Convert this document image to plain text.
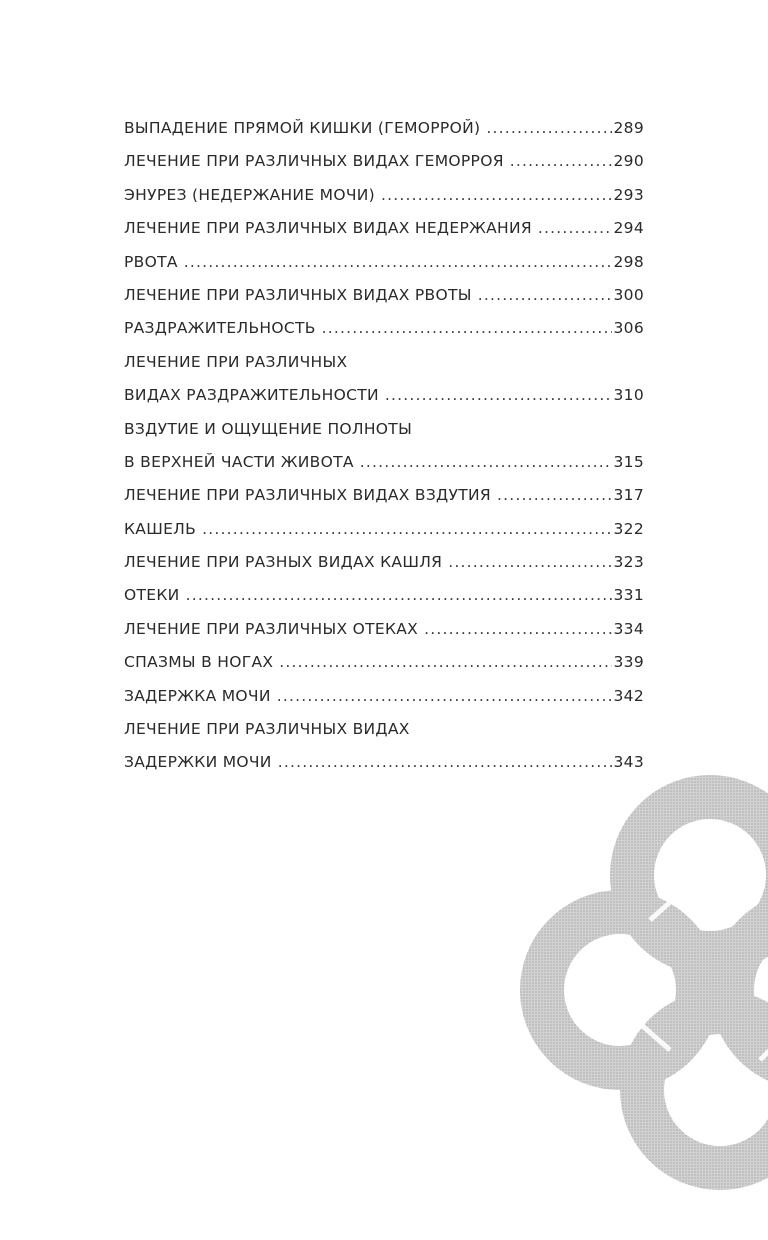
ВЫПАДЕНИЕ ПРЯМОЙ КИШКИ (ГЕМОРРОЙ) .....	289
ЛЕЧЕНИЕ ПРИ РАЗЛИЧНЫХ ВИДАХ ГЕМОРРОЯ .....	290
ЭНУРЕЗ (НЕДЕРЖАНИЕ МОЧИ) .....	293
ЛЕЧЕНИЕ ПРИ РАЗЛИЧНЫХ ВИДАХ НЕДЕРЖАНИЯ .....	294
РВОТА .....	298
ЛЕЧЕНИЕ ПРИ РАЗЛИЧНЫХ ВИДАХ РВОТЫ .....	300
РАЗДРАЖИТЕЛЬНОСТЬ .....	306
ЛЕЧЕНИЕ ПРИ РАЗЛИЧНЫХ
ВИДАХ РАЗДРАЖИТЕЛЬНОСТИ .....	310
ВЗДУТИЕ И ОЩУЩЕНИЕ ПОЛНОТЫ
В ВЕРХНЕЙ ЧАСТИ ЖИВОТА .....	315
ЛЕЧЕНИЕ ПРИ РАЗЛИЧНЫХ ВИДАХ ВЗДУТИЯ .....	317
КАШЕЛЬ .....	322
ЛЕЧЕНИЕ ПРИ РАЗНЫХ ВИДАХ КАШЛЯ .....	323
ОТЕКИ .....	331
ЛЕЧЕНИЕ ПРИ РАЗЛИЧНЫХ ОТЕКАХ .....	334
СПАЗМЫ В НОГАХ .....	339
ЗАДЕРЖКА МОЧИ .....	342
ЛЕЧЕНИЕ ПРИ РАЗЛИЧНЫХ ВИДАХ
ЗАДЕРЖКИ МОЧИ .....	343
